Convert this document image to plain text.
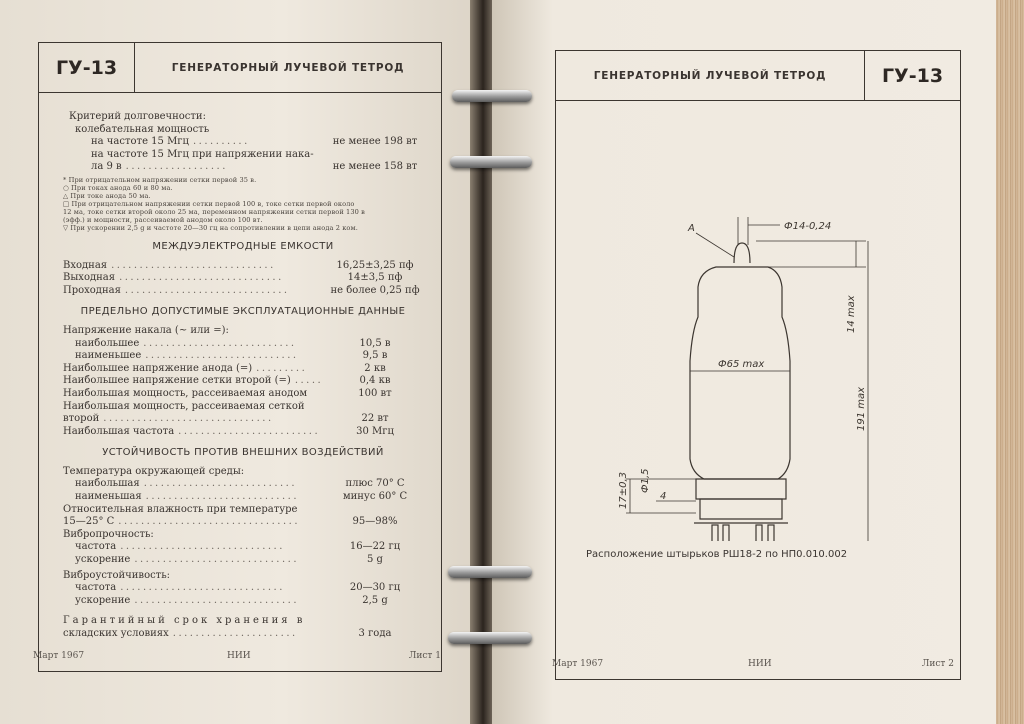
ГУ-13	ГЕНЕРАТОРНЫЙ ЛУЧЕВОЙ ТЕТРОД
Критерий долговечности:
колебательная мощность
на частоте 15 Мгц ..........	не менее 198 вт
на частоте 15 Мгц при напряжении нака-
ла 9 в ..................	не менее 158 вт
* При отрицательном напряжении сетки первой 35 в.
○ При токах анода 60 и 80 ма.
△ При токе анода 50 ма.
□ При отрицательном напряжении сетки первой 100 в, токе сетки первой около
12 ма, токе сетки второй около 25 ма, переменном напряжении сетки первой 130 в
(эфф.) и мощности, рассеиваемой анодом около 100 вт.
▽ При ускорении 2,5 g и частоте 20—30 гц на сопротивлении в цепи анода 2 ком.
МЕЖДУЭЛЕКТРОДНЫЕ ЕМКОСТИ
Входная .............................	16,25±3,25 пф
Выходная .............................	14±3,5 пф
Проходная .............................	не более 0,25 пф
ПРЕДЕЛЬНО ДОПУСТИМЫЕ ЭКСПЛУАТАЦИОННЫЕ ДАННЫЕ
Напряжение накала (~ или =):
наибольшее ...........................	10,5 в
наименьшее ...........................	9,5 в
Наибольшее напряжение анода (=) .........	2 кв
Наибольшее напряжение сетки второй (=) .....	0,4 кв
Наибольшая мощность, рассеиваемая анодом	100 вт
Наибольшая мощность, рассеиваемая сеткой
второй ..............................	22 вт
Наибольшая частота .........................	30 Мгц
УСТОЙЧИВОСТЬ ПРОТИВ ВНЕШНИХ ВОЗДЕЙСТВИЙ
Температура окружающей среды:
наибольшая ...........................	плюс 70° С
наименьшая ...........................	минус 60° С
Относительная влажность при температуре
15—25° С ................................	95—98%
Вибропрочность:
частота .............................	16—22 гц
ускорение .............................	5 g
Виброустойчивость:
частота .............................	20—30 гц
ускорение .............................	2,5 g
Гарантийный срок хранения в
складских условиях ......................	3 года
Март 1967	НИИ	Лист 1
ГЕНЕРАТОРНЫЙ ЛУЧЕВОЙ ТЕТРОД	ГУ-13
А	Ф14-0,24
Ф65 max
14 max
191 max
17±0,3 Ф1,5
4
Расположение штырьков РШ18-2 по НП0.010.002
Март 1967	НИИ	Лист 2
